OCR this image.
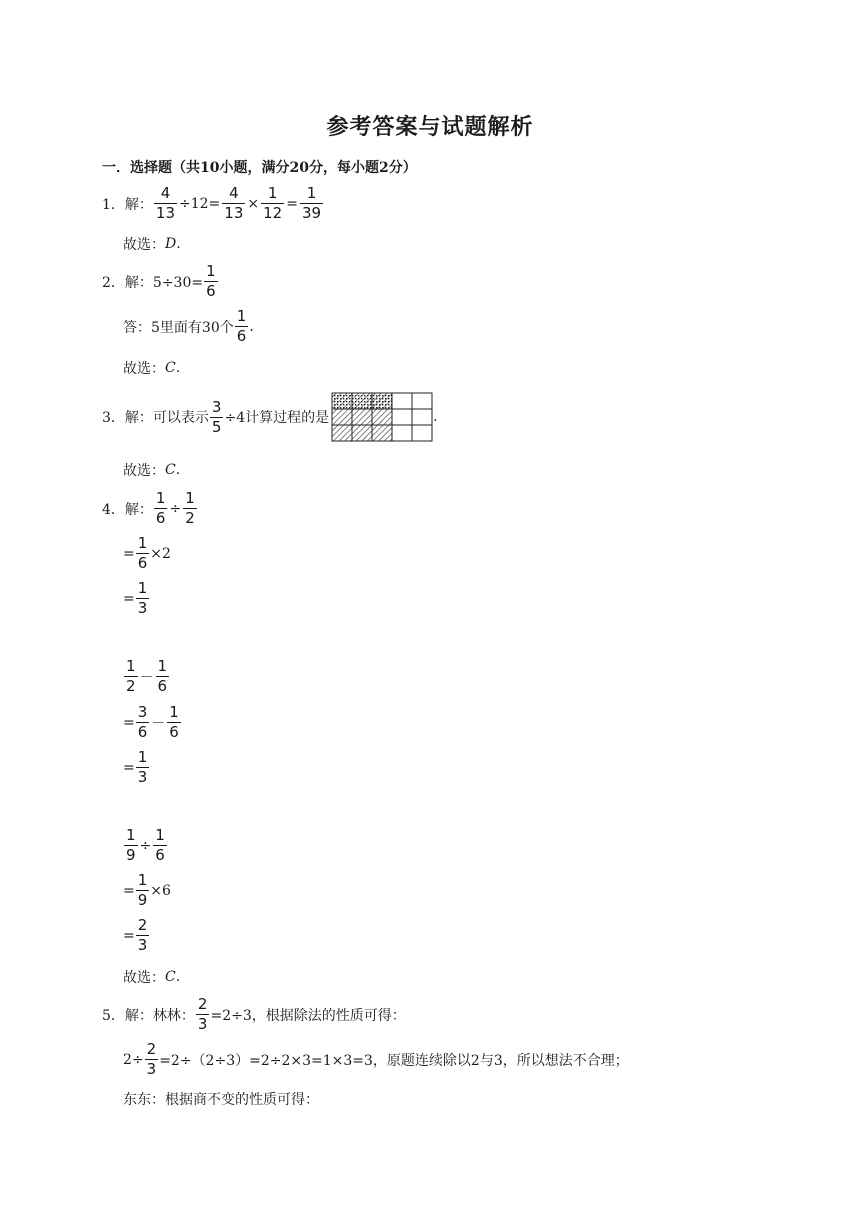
参考答案与试题解析
一．选择题（共10小题，满分20分，每小题2分）
1．解： $\frac{4}{13} \div 12= \frac{4}{13} \times \frac{1}{12} = \frac{1}{39}$
故选： D .
2．解：$5\div 30= \frac{1}{6}$
答：5里面有30个 $\frac{1}{6}$ .
故选： C .
3．解：可以表示 $\frac{3}{5} \div 4$计算过程的是	.
故选： C .
4．解： $\frac{1}{6} \div \frac{1}{2}$
= $\frac{1}{6} \times 2$
= $\frac{1}{3}$
$\frac{1}{2} - \frac{1}{6}$
= $\frac{3}{6} - \frac{1}{6}$
= $\frac{1}{3}$
$\frac{1}{9} \div \frac{1}{6}$
= $\frac{1}{9} \times 6$
= $\frac{2}{3}$
故选： C .
5．解：林林： $\frac{2}{3} =2\div 3$，根据除法的性质可得：
$2\div \frac{2}{3} =2\div(2\div 3)=2\div 2\times 3=1\times 3=3$，原题连续除以2与3，所以想法不合理；
东东：根据商不变的性质可得：
